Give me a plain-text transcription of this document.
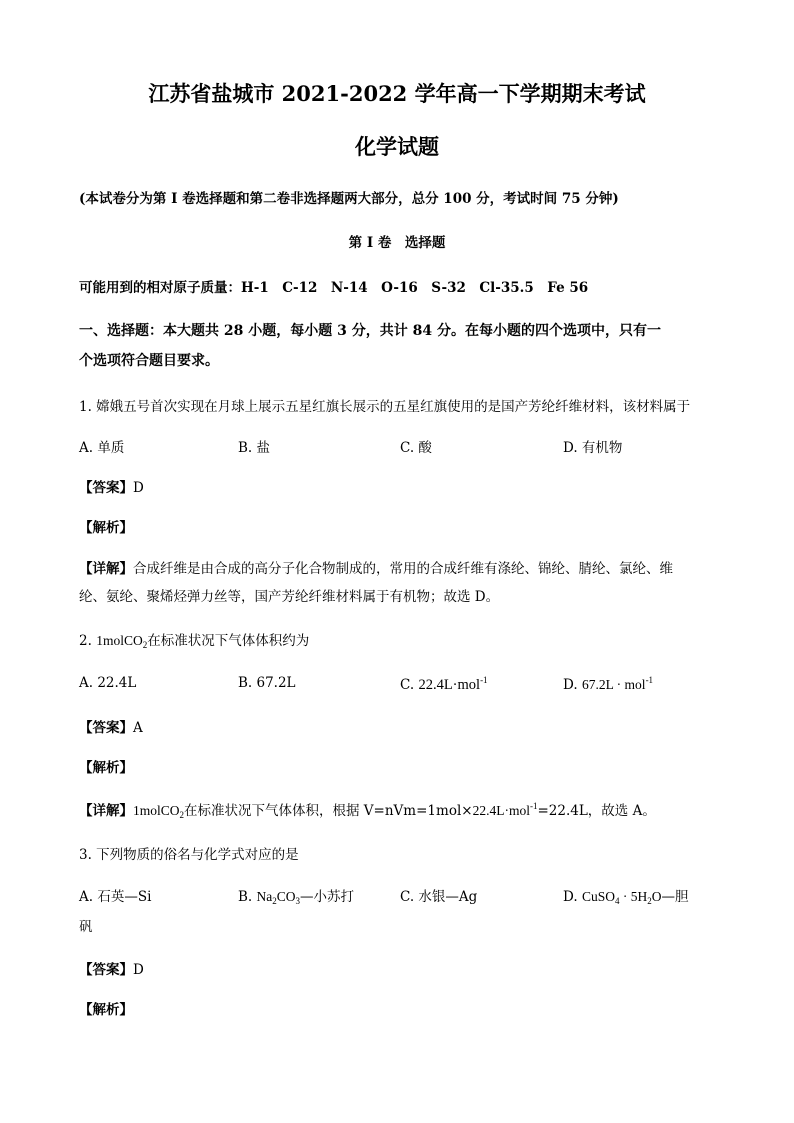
江苏省盐城市 2021-2022 学年高一下学期期末考试
化学试题
(本试卷分为第 I 卷选择题和第二卷非选择题两大部分，总分 100 分，考试时间 75 分钟)
第 I 卷　选择题
可能用到的相对原子质量：H-1　C-12　N-14　O-16　S-32　Cl-35.5　Fe 56
一、选择题：本大题共 28 小题，每小题 3 分，共计 84 分。在每小题的四个选项中，只有一
个选项符合题目要求。
1. 嫦娥五号首次实现在月球上展示五星红旗长展示的五星红旗使用的是国产芳纶纤维材料，该材料属于
A. 单质	B. 盐	C. 酸	D. 有机物
【答案】D
【解析】
【详解】合成纤维是由合成的高分子化合物制成的，常用的合成纤维有涤纶、锦纶、腈纶、氯纶、维
纶、氨纶、聚烯烃弹力丝等，国产芳纶纤维材料属于有机物；故选 D。
2. 1molCO$_2$在标准状况下气体体积约为
A. 22.4L	B. 67.2L	C. 22.4L·mol$^{-1}$	D. 67.2L · mol$^{-1}$
【答案】A
【解析】
【详解】1molCO$_2$在标准状况下气体体积，根据 V=nVm=1mol×22.4L·mol$^{-1}$=22.4L，故选 A。
3. 下列物质的俗名与化学式对应的是
A. 石英—Si	B. $Na_2CO_3—$小苏打	C. 水银—Ag	D. CuSO$_4$ · $5H_2O—$胆
矾
【答案】D
【解析】
